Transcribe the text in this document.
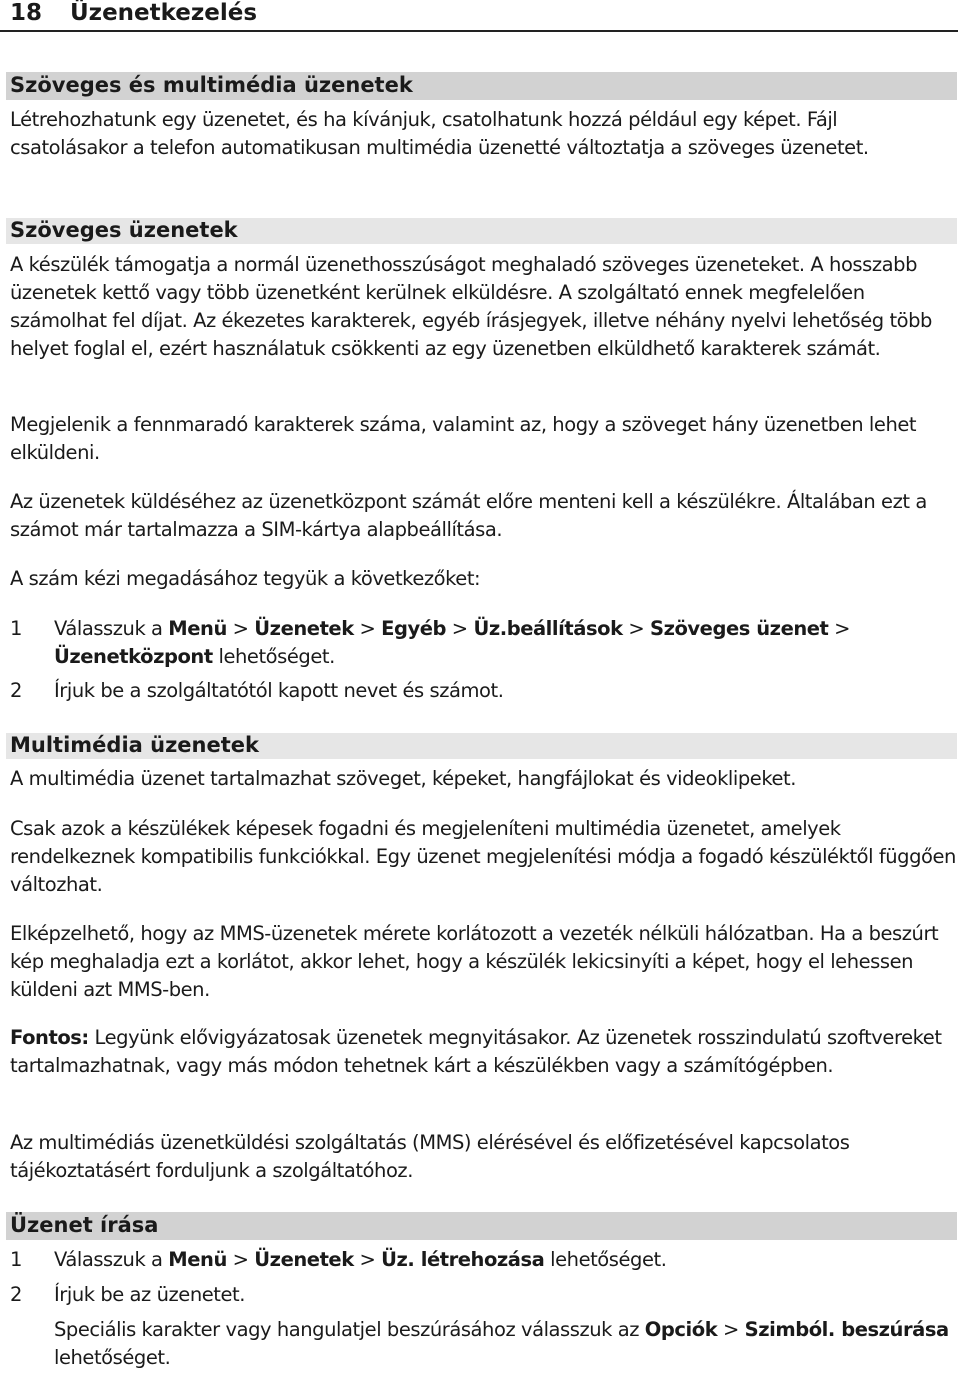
18 Üzenetkezelés
Szöveges és multimédia üzenetek
Létrehozhatunk egy üzenetet, és ha kívánjuk, csatolhatunk hozzá például egy képet. Fájl csatolásakor a telefon automatikusan multimédia üzenetté változtatja a szöveges üzenetet.
Szöveges üzenetek
A készülék támogatja a normál üzenethosszúságot meghaladó szöveges üzeneteket. A hosszabb üzenetek kettő vagy több üzenetként kerülnek elküldésre. A szolgáltató ennek megfelelően számolhat fel díjat. Az ékezetes karakterek, egyéb írásjegyek, illetve néhány nyelvi lehetőség több helyet foglal el, ezért használatuk csökkenti az egy üzenetben elküldhető karakterek számát.
Megjelenik a fennmaradó karakterek száma, valamint az, hogy a szöveget hány üzenetben lehet elküldeni.
Az üzenetek küldéséhez az üzenetközpont számát előre menteni kell a készülékre. Általában ezt a számot már tartalmazza a SIM-kártya alapbeállítása.
A szám kézi megadásához tegyük a következőket:
1 Válasszuk a Menü > Üzenetek > Egyéb > Üz.beállítások > Szöveges üzenet > Üzenetközpont lehetőséget.
2 Írjuk be a szolgáltatótól kapott nevet és számot.
Multimédia üzenetek
A multimédia üzenet tartalmazhat szöveget, képeket, hangfájlokat és videoklipeket.
Csak azok a készülékek képesek fogadni és megjeleníteni multimédia üzenetet, amelyek rendelkeznek kompatibilis funkciókkal. Egy üzenet megjelenítési módja a fogadó készüléktől függően változhat.
Elképzelhető, hogy az MMS-üzenetek mérete korlátozott a vezeték nélküli hálózatban. Ha a beszúrt kép meghaladja ezt a korlátot, akkor lehet, hogy a készülék lekicsinyíti a képet, hogy el lehessen küldeni azt MMS-ben.
Fontos: Legyünk elővigyázatosak üzenetek megnyitásakor. Az üzenetek rosszindulatú szoftvereket tartalmazhatnak, vagy más módon tehetnek kárt a készülékben vagy a számítógépben.
Az multimédiás üzenetküldési szolgáltatás (MMS) elérésével és előfizetésével kapcsolatos tájékoztatásért forduljunk a szolgáltatóhoz.
Üzenet írása
1 Válasszuk a Menü > Üzenetek > Üz. létrehozása lehetőséget.
2 Írjuk be az üzenetet.
Speciális karakter vagy hangulatjel beszúrásához válasszuk az Opciók > Szimból. beszúrása lehetőséget.
